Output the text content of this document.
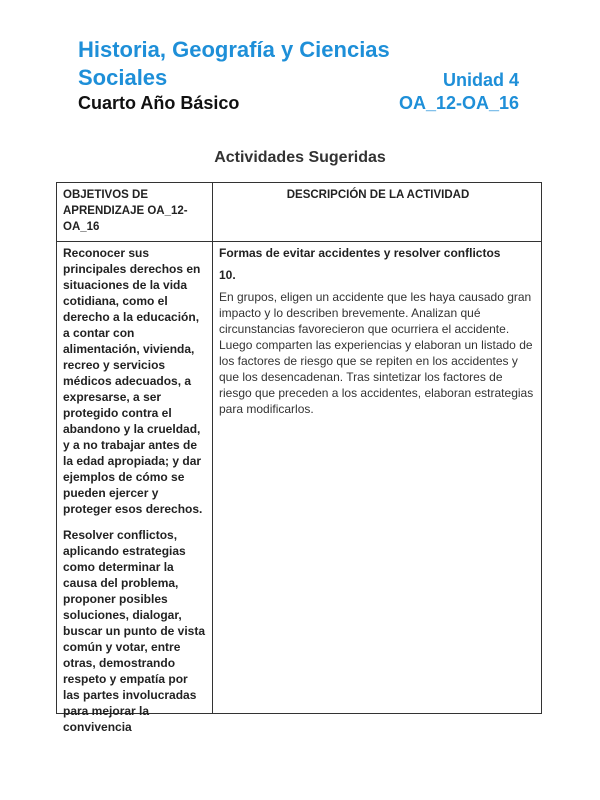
Historia, Geografía y Ciencias
Sociales	Unidad 4
Cuarto Año Básico	OA_12-OA_16
Actividades Sugeridas
OBJETIVOS DE APRENDIZAJE OA_12-OA_16
DESCRIPCIÓN DE LA ACTIVIDAD

Reconocer sus principales derechos en situaciones de la vida cotidiana, como el derecho a la educación, a contar con alimentación, vivienda, recreo y servicios médicos adecuados, a expresarse, a ser protegido contra el abandono y la crueldad, y a no trabajar antes de la edad apropiada; y dar ejemplos de cómo se pueden ejercer y proteger esos derechos.

Resolver conflictos, aplicando estrategias como determinar la causa del problema, proponer posibles soluciones, dialogar, buscar un punto de vista común y votar, entre otras, demostrando respeto y empatía por las partes involucradas para mejorar la convivencia

Formas de evitar accidentes y resolver conflictos

10.

En grupos, eligen un accidente que les haya causado gran impacto y lo describen brevemente. Analizan qué circunstancias favorecieron que ocurriera el accidente. Luego comparten las experiencias y elaboran un listado de los factores de riesgo que se repiten en los accidentes y que los desencadenan. Tras sintetizar los factores de riesgo que preceden a los accidentes, elaboran estrategias para modificarlos.
